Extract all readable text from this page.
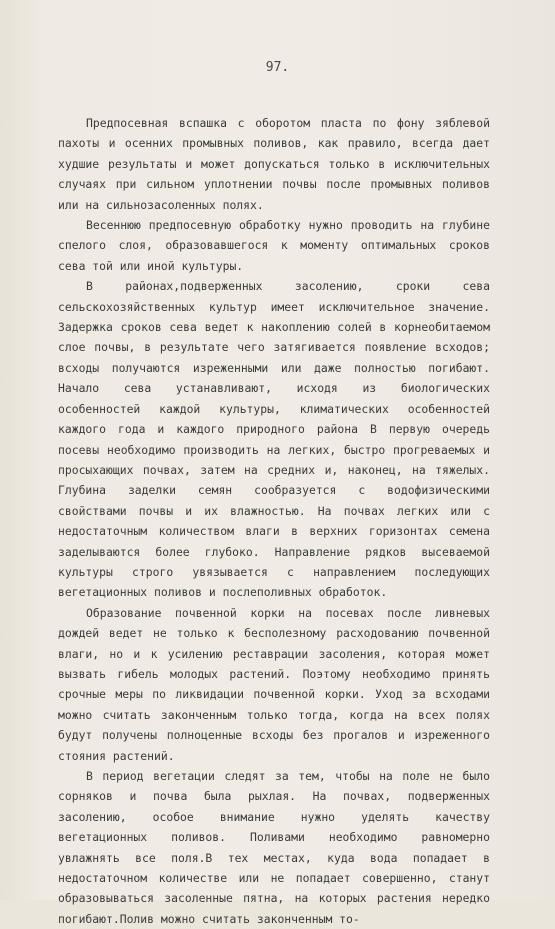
97.

Предпосевная вспашка с оборотом пласта по фону зяблевой пахоты и осенних промывных поливов, как правило, всегда дает худшие результаты и может допускаться только в исключительных случаях при сильном уплотнении почвы после промывных поливов или на сильнозасоленных полях.

Весеннюю предпосевную обработку нужно проводить на глубине спелого слоя, образовавшегося к моменту оптимальных сроков сева той или иной культуры.

В районах,подверженных засолению, сроки сева сельскохозяйственных культур имеет исключительное значение. Задержка сроков сева ведет к накоплению солей в корнеобитаемом слое почвы, в результате чего затягивается появление всходов; всходы получаются изреженными или даже полностью погибают. Начало сева устанавливают, исходя из биологических особенностей каждой культуры, климатических особенностей каждого года и каждого природного района В первую очередь посевы необходимо производить на легких, быстро прогреваемых и просыхающих почвах, затем на средних и, наконец, на тяжелых. Глубина заделки семян сообразуется с водофизическими свойствами почвы и их влажностью. На почвах легких или с недостаточным количеством влаги в верхних горизонтах семена заделываются более глубоко. Направление рядков высеваемой культуры строго увязывается с направлением последующих вегетационных поливов и послеполивных обработок.

Образование почвенной корки на посевах после ливневых дождей ведет не только к бесполезному расходованию почвенной влаги, но и к усилению реставрации засоления, которая может вызвать гибель молодых растений. Поэтому необходимо принять срочные меры по ликвидации почвенной корки. Уход за всходами можно считать законченным только тогда, когда на всех полях будут получены полноценные всходы без прогалов и изреженного стояния растений.

В период вегетации следят за тем, чтобы на поле не было сорняков и почва была рыхлая. На почвах, подверженных засолению, особое внимание нужно уделять качеству вегетационных поливов. Поливами необходимо равномерно увлажнять все поля.В тех местах, куда вода попадает в недостаточном количестве или не попадает совершенно, станут образовываться засоленные пятна, на которых растения нередко погибают.Полив можно считать законченным то-
